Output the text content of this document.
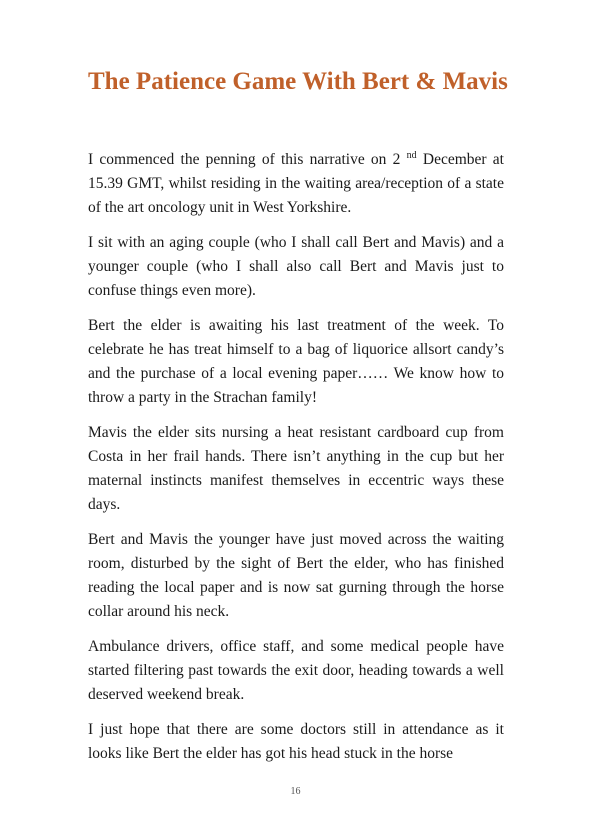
The Patience Game With Bert & Mavis

I commenced the penning of this narrative on 2 $^{nd}$ December at 15.39 GMT, whilst residing in the waiting area/reception of a state of the art oncology unit in West Yorkshire.

I sit with an aging couple (who I shall call Bert and Mavis) and a younger couple (who I shall also call Bert and Mavis just to confuse things even more).

Bert the elder is awaiting his last treatment of the week. To celebrate he has treat himself to a bag of liquorice allsort candy’s and the purchase of a local evening paper…… We know how to throw a party in the Strachan family!

Mavis the elder sits nursing a heat resistant cardboard cup from Costa in her frail hands. There isn’t anything in the cup but her maternal instincts manifest themselves in eccentric ways these days.

Bert and Mavis the younger have just moved across the waiting room, disturbed by the sight of Bert the elder, who has finished reading the local paper and is now sat gurning through the horse collar around his neck.

Ambulance drivers, office staff, and some medical people have started filtering past towards the exit door, heading towards a well deserved weekend break.

I just hope that there are some doctors still in attendance as it looks like Bert the elder has got his head stuck in the horse

16
